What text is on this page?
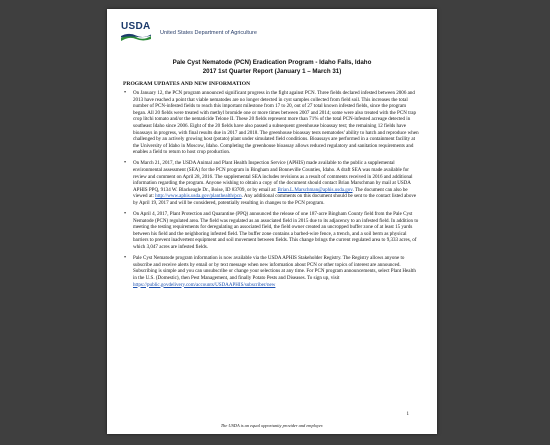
USDA
United States Department of Agriculture
Pale Cyst Nematode (PCN) Eradication Program - Idaho Falls, Idaho
2017 1st Quarter Report (January 1 – March 31)
PROGRAM UPDATES AND NEW INFORMATION
• On January 12, the PCN program announced significant progress in the fight against PCN. Three fields declared infested between 2006 and 2013 have reached a point that viable nematodes are no longer detected in cyst samples collected from field soil. This increases the total number of PCN-infested fields to reach this important milestone from 17 to 20, out of 27 total known infested fields, since the program began. All 20 fields were treated with methyl bromide one or more times between 2007 and 2014; some were also treated with the PCN trap crop litchi tomato and/or the nematicide Telone II. These 20 fields represent more than 71% of the total PCN-infested acreage detected in southeast Idaho since 2006. Eight of the 20 fields have also passed a subsequent greenhouse bioassay test; the remaining 12 fields have bioassays in progress, with final results due in 2017 and 2018. The greenhouse bioassay tests nematodes’ ability to hatch and reproduce when challenged by an actively growing host (potato) plant under simulated field conditions. Bioassays are performed in a containment facility at the University of Idaho in Moscow, Idaho. Completing the greenhouse bioassay allows reduced regulatory and sanitation requirements and enables a field to return to host crop production.
• On March 21, 2017, the USDA Animal and Plant Health Inspection Service (APHIS) made available to the public a supplemental environmental assessment (SEA) for the PCN program in Bingham and Bonneville Counties, Idaho. A draft SEA was made available for review and comment on April 28, 2016. The supplemental SEA includes revisions as a result of comments received in 2016 and additional information regarding the program. Anyone wishing to obtain a copy of the document should contact Brian Marschman by mail at USDA APHIS PPQ, 9134 W. Blackeagle Dr., Boise, ID 83709, or by email at: Brian.L.Marschman@aphis.usda.gov. The document can also be viewed at: http://www.aphis.usda.gov/planthealth/pcn. Any additional comments on this document should be sent to the contact listed above by April 19, 2017 and will be considered, potentially resulting in changes to the PCN program.
• On April 4, 2017, Plant Protection and Quarantine (PPQ) announced the release of one 187-acre Bingham County field from the Pale Cyst Nematode (PCN) regulated area. The field was regulated as an associated field in 2015 due to its adjacency to an infested field. In addition to meeting the testing requirements for deregulating an associated field, the field owner created an uncropped buffer zone of at least 15 yards between his field and the neighboring infested field. The buffer zone contains a barbed-wire fence, a trench, and a soil berm as physical barriers to prevent inadvertent equipment and soil movement between fields. This change brings the current regulated area to 9,333 acres, of which 3,047 acres are infested fields.
• Pale Cyst Nematode program information is now available via the USDA APHIS Stakeholder Registry. The Registry allows anyone to subscribe and receive alerts by email or by text message when new information about PCN or other topics of interest are announced. Subscribing is simple and you can unsubscribe or change your selections at any time. For PCN program announcements, select Plant Health in the U.S. (Domestic), then Pest Management, and finally Potato Pests and Diseases. To sign up, visit https://public.govdelivery.com/accounts/USDAAPHIS/subscriber/new
1
The USDA is an equal opportunity provider and employer.
